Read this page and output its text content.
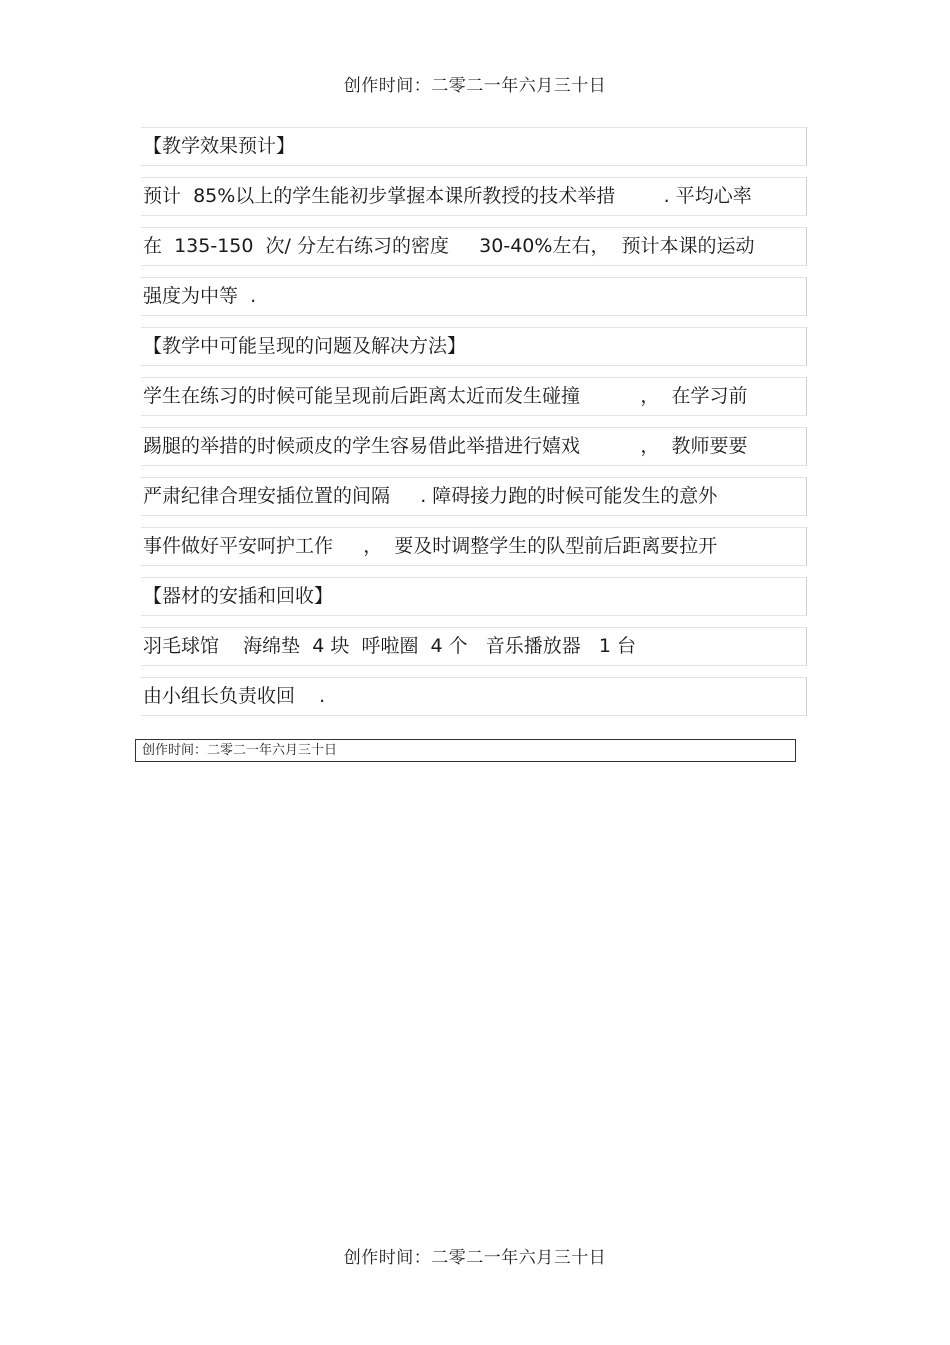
创作时间：二零二一年六月三十日
【教学效果预计】
预计  85%以上的学生能初步掌握本课所教授的技术举措        . 平均心率
在  135-150  次/ 分左右练习的密度     30-40%左右，  预计本课的运动
强度为中等  .
【教学中可能呈现的问题及解决方法】
学生在练习的时候可能呈现前后距离太近而发生碰撞          ，  在学习前
踢腿的举措的时候顽皮的学生容易借此举措进行嬉戏          ，  教师要要
严肃纪律合理安插位置的间隔     . 障碍接力跑的时候可能发生的意外
事件做好平安呵护工作     ，  要及时调整学生的队型前后距离要拉开
【器材的安插和回收】
羽毛球馆    海绵垫  4 块  呼啦圈  4 个   音乐播放器   1 台
由小组长负责收回    .
创作时间：二零二一年六月三十日
创作时间：二零二一年六月三十日
